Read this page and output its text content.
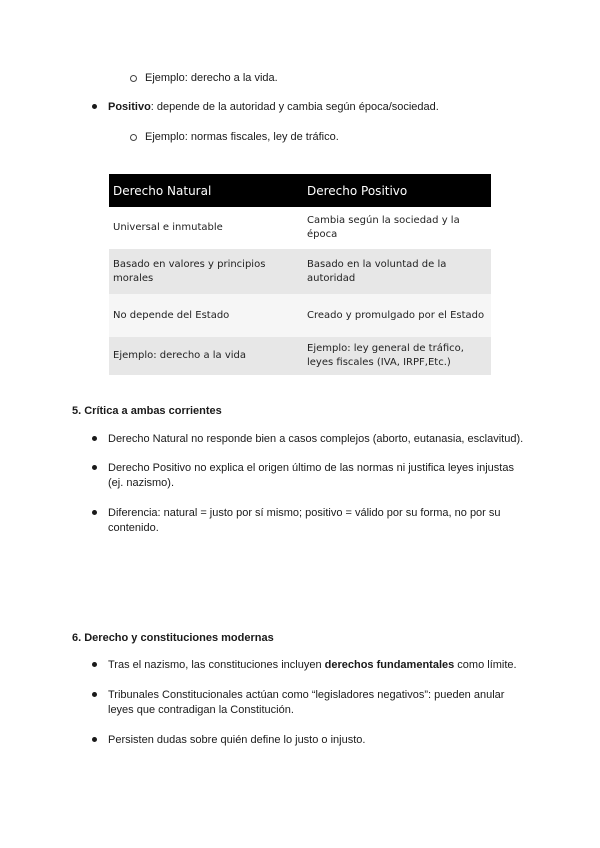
Ejemplo: derecho a la vida.
Positivo: depende de la autoridad y cambia según época/sociedad.
Ejemplo: normas fiscales, ley de tráfico.
Derecho Natural	Derecho Positivo
Universal e inmutable	Cambia según la sociedad y la época
Basado en valores y principios morales	Basado en la voluntad de la autoridad
No depende del Estado	Creado y promulgado por el Estado
Ejemplo: derecho a la vida	Ejemplo: ley general de tráfico, leyes fiscales (IVA, IRPF,Etc.)
5. Crítica a ambas corrientes
Derecho Natural no responde bien a casos complejos (aborto, eutanasia, esclavitud).
Derecho Positivo no explica el origen último de las normas ni justifica leyes injustas
(ej. nazismo).
Diferencia: natural = justo por sí mismo; positivo = válido por su forma, no por su
contenido.
6. Derecho y constituciones modernas
Tras el nazismo, las constituciones incluyen derechos fundamentales como límite.
Tribunales Constitucionales actúan como “legisladores negativos”: pueden anular
leyes que contradigan la Constitución.
Persisten dudas sobre quién define lo justo o injusto.
